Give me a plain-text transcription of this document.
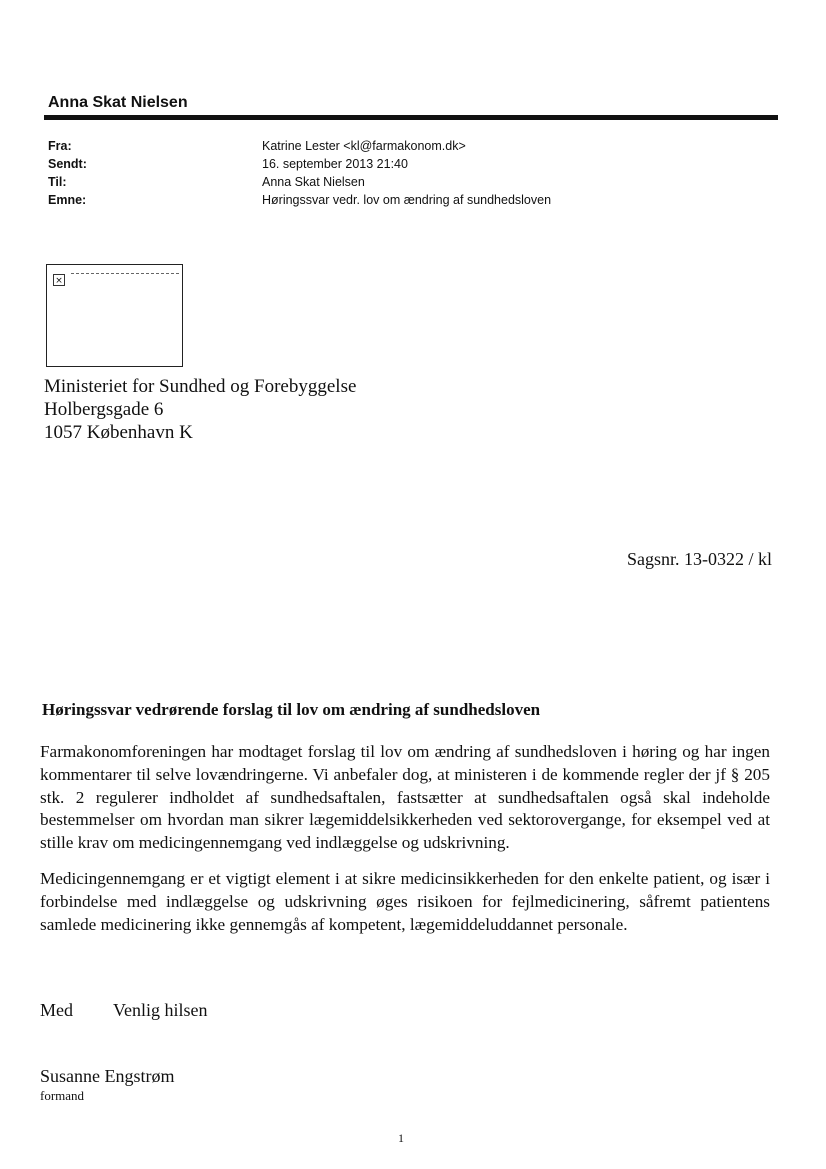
Anna Skat Nielsen
Fra:	Katrine Lester <kl@farmakonom.dk>
Sendt:	16. september 2013 21:40
Til:	Anna Skat Nielsen
Emne:	Høringssvar vedr. lov om ændring af sundhedsloven
×
Ministeriet for Sundhed og Forebyggelse
Holbergsgade 6
1057 København K
Sagsnr. 13-0322 / kl
Høringssvar vedrørende forslag til lov om ændring af sundhedsloven
Farmakonomforeningen har modtaget forslag til lov om ændring af sundhedsloven i høring og har ingen kommentarer til selve lovændringerne. Vi anbefaler dog, at ministeren i de kommende regler der jf § 205 stk. 2 regulerer indholdet af sundhedsaftalen, fastsætter at sundhedsaftalen også skal indeholde bestemmelser om hvordan man sikrer lægemiddelsikkerheden ved sektorovergange, for eksempel ved at stille krav om medicingennemgang ved indlæggelse og udskrivning.
Medicingennemgang er et vigtigt element i at sikre medicinsikkerheden for den enkelte patient, og især i forbindelse med indlæggelse og udskrivning øges risikoen for fejlmedicinering, såfremt patientens samlede medicinering ikke gennemgås af kompetent, lægemiddeluddannet personale.
Med Venlig hilsen
Susanne Engstrøm
formand
1
